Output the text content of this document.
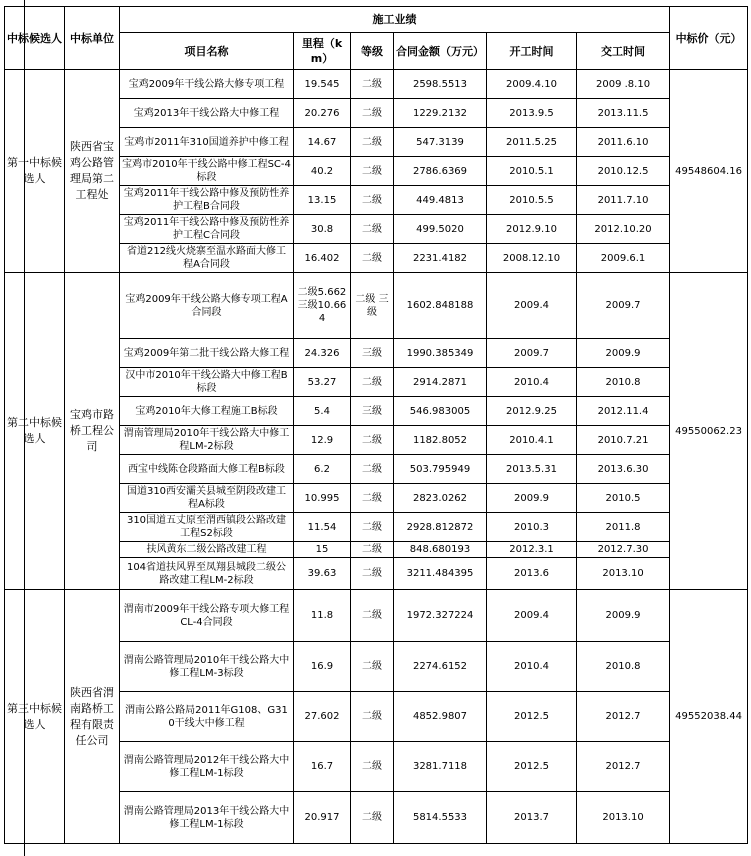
中标候选人	中标单位	施工业绩						中标价（元）
		项目名称	里程（km）	等级	合同金额（万元）	开工时间	交工时间	
第一中标候选人	陕西省宝鸡公路管理局第二工程处	宝鸡2009年干线公路大修专项工程	19.545	二级	2598.5513	2009.4.10	2009 .8.10	49548604.16
		宝鸡2013年干线公路大中修工程	20.276	二级	1229.2132	2013.9.5	2013.11.5	
		宝鸡市2011年310国道养护中修工程	14.67	二级	547.3139	2011.5.25	2011.6.10	
		宝鸡市2010年干线公路中修工程SC-4标段	40.2	二级	2786.6369	2010.5.1	2010.12.5	
		宝鸡2011年干线公路中修及预防性养护工程B合同段	13.15	二级	449.4813	2010.5.5	2011.7.10	
		宝鸡2011年干线公路中修及预防性养护工程C合同段	30.8	二级	499.5020	2012.9.10	2012.10.20	
		省道212线火烧寨至温水路面大修工程A合同段	16.402	二级	2231.4182	2008.12.10	2009.6.1	
第二中标候选人	宝鸡市路桥工程公司	宝鸡2009年干线公路大修专项工程A合同段	二级5.662 三级10.664	二级 三级	1602.848188	2009.4	2009.7	49550062.23
		宝鸡2009年第二批干线公路大修工程	24.326	三级	1990.385349	2009.7	2009.9	
		汉中市2010年干线公路大中修工程B标段	53.27	二级	2914.2871	2010.4	2010.8	
		宝鸡2010年大修工程施工B标段	5.4	三级	546.983005	2012.9.25	2012.11.4	
		渭南管理局2010年干线公路大中修工程LM-2标段	12.9	二级	1182.8052	2010.4.1	2010.7.21	
		西宝中线陈仓段路面大修工程B标段	6.2	二级	503.795949	2013.5.31	2013.6.30	
		国道310西安灞关县城至阴段改建工程A标段	10.995	二级	2823.0262	2009.9	2010.5	
		310国道五丈原至渭西镇段公路改建工程S2标段	11.54	二级	2928.812872	2010.3	2011.8	
		扶风黄东二级公路改建工程	15	二级	848.680193	2012.3.1	2012.7.30	
		104省道扶风界至凤翔县城段二级公路改建工程LM-2标段	39.63	二级	3211.484395	2013.6	2013.10	
第三中标候选人	陕西省渭南路桥工程有限责任公司	渭南市2009年干线公路专项大修工程CL-4合同段	11.8	二级	1972.327224	2009.4	2009.9	49552038.44
		渭南公路管理局2010年干线公路大中修工程LM-3标段	16.9	二级	2274.6152	2010.4	2010.8	
		渭南公路公路局2011年G108、G310干线大中修工程	27.602	二级	4852.9807	2012.5	2012.7	
		渭南公路管理局2012年干线公路大中修工程LM-1标段	16.7	二级	3281.7118	2012.5	2012.7	
		渭南公路管理局2013年干线公路大中修工程LM-1标段	20.917	二级	5814.5533	2013.7	2013.10	
